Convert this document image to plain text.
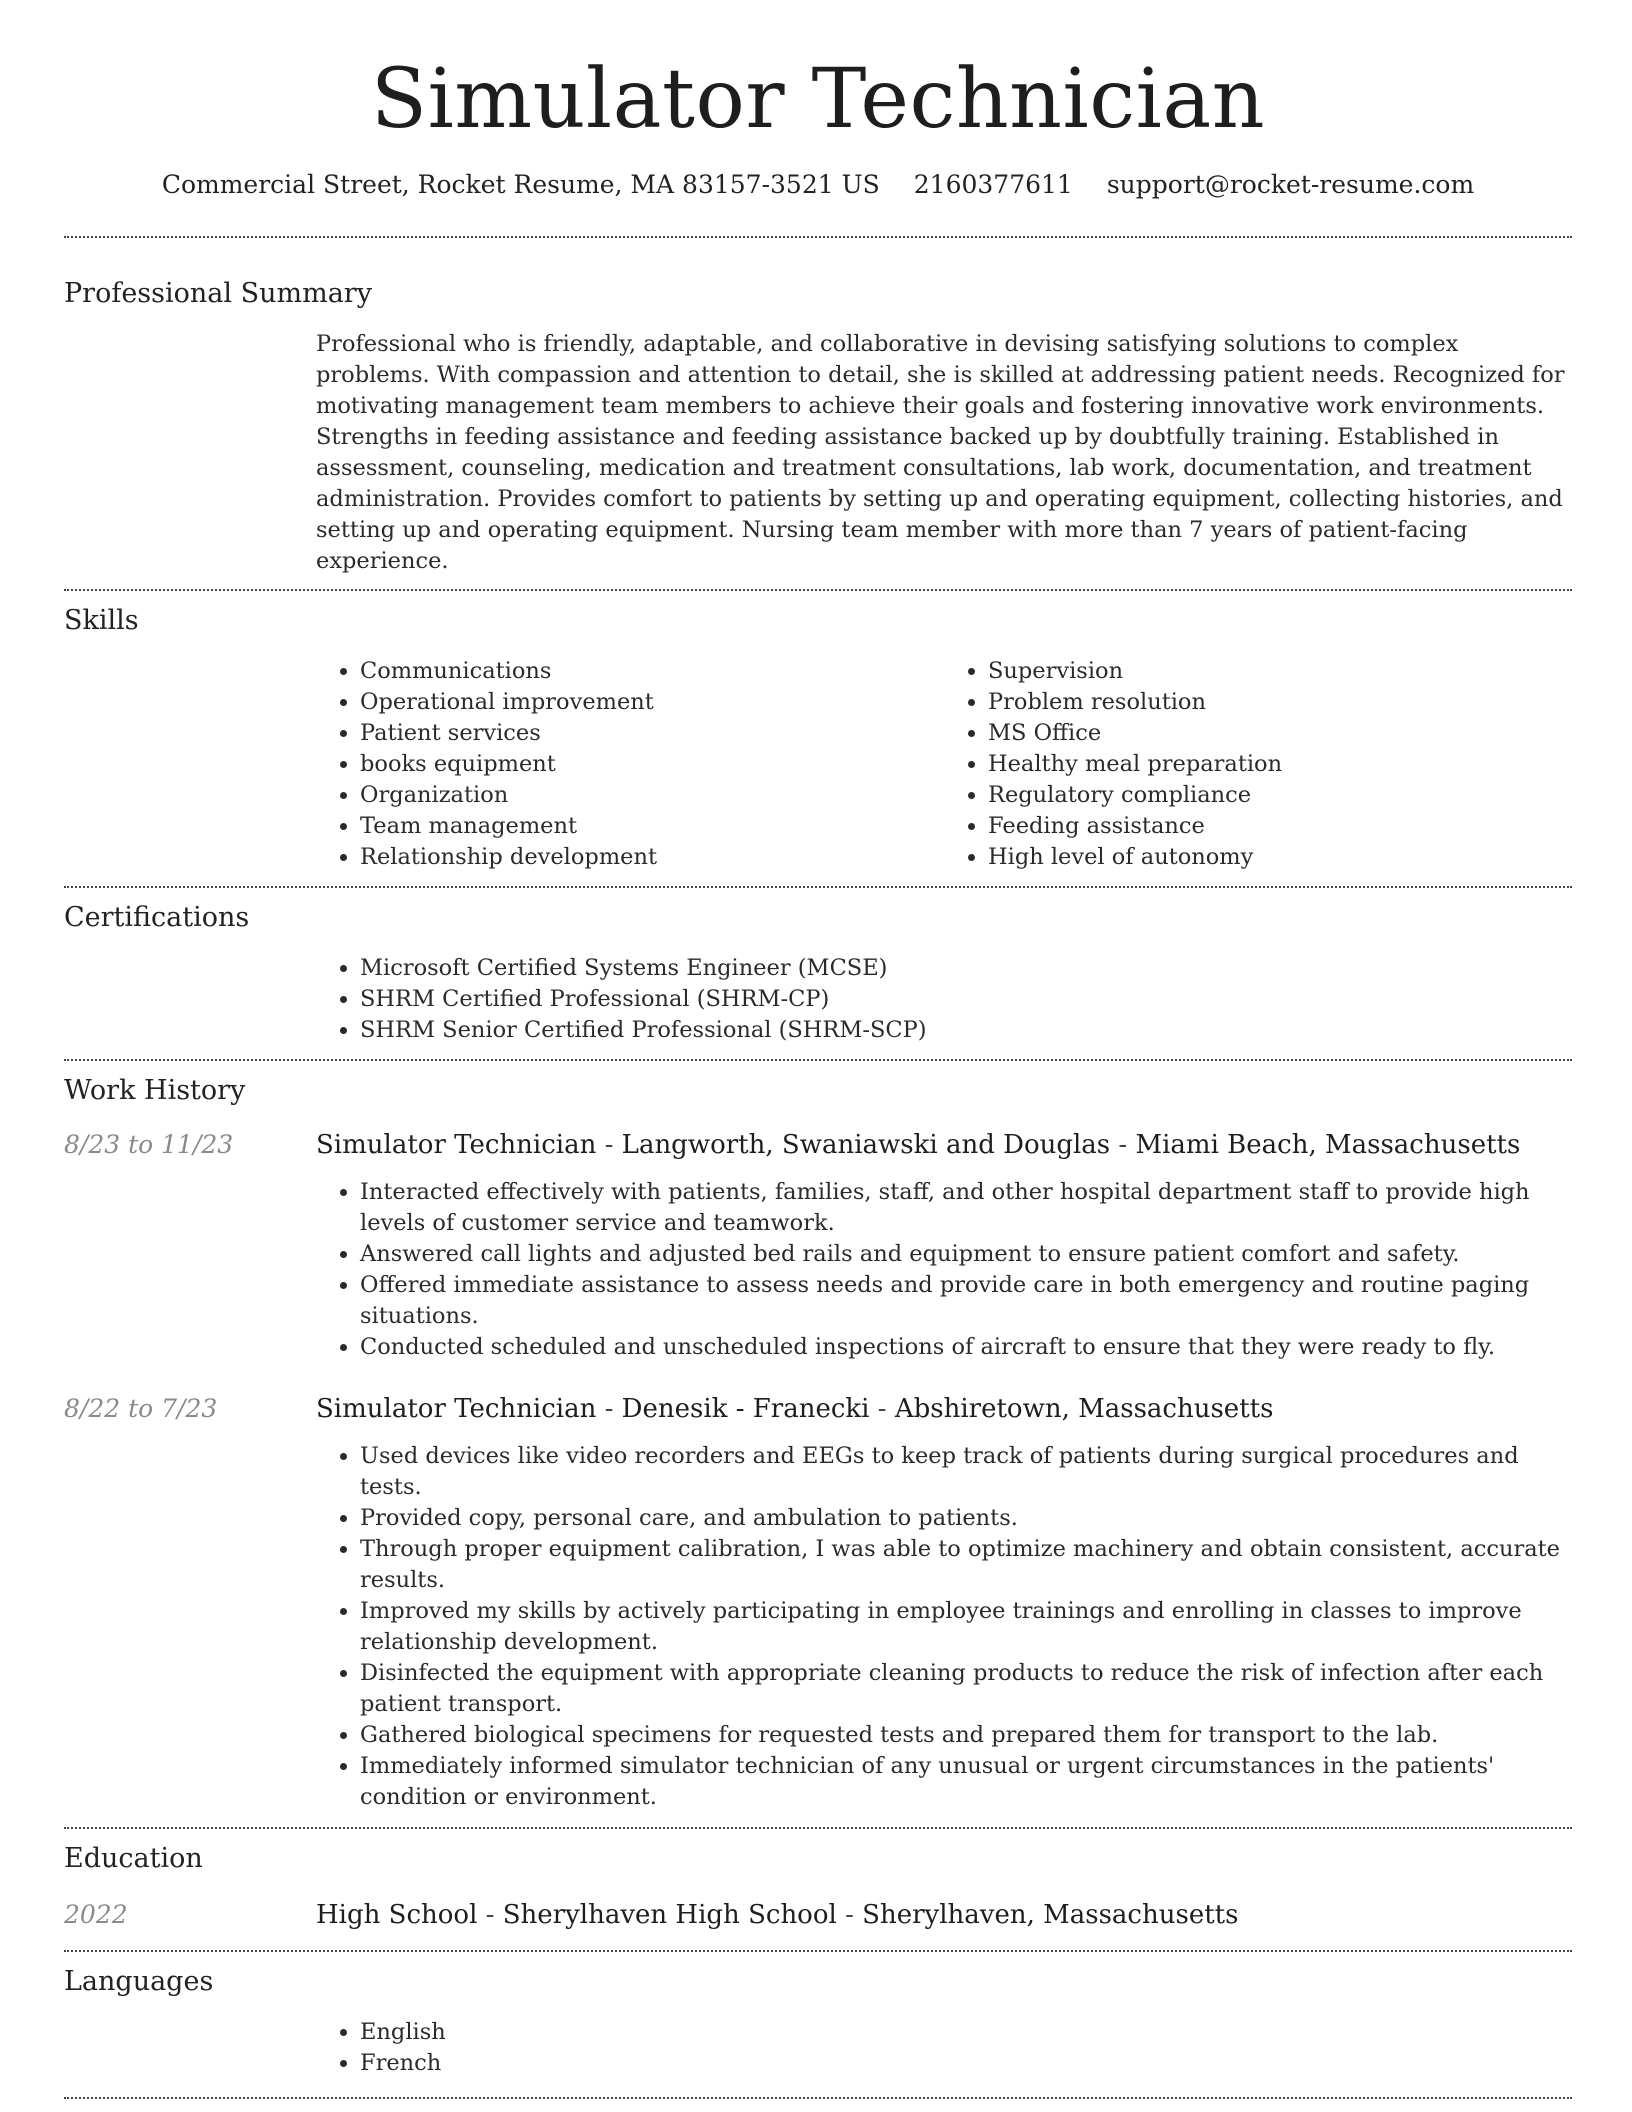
Simulator Technician
Commercial Street, Rocket Resume, MA 83157-3521 US 2160377611 support@rocket-resume.com
Professional Summary

Professional who is friendly, adaptable, and collaborative in devising satisfying solutions to complex problems. With compassion and attention to detail, she is skilled at addressing patient needs. Recognized for motivating management team members to achieve their goals and fostering innovative work environments. Strengths in feeding assistance and feeding assistance backed up by doubtfully training. Established in assessment, counseling, medication and treatment consultations, lab work, documentation, and treatment administration. Provides comfort to patients by setting up and operating equipment, collecting histories, and setting up and operating equipment. Nursing team member with more than 7 years of patient-facing experience.

Skills
• Communications
• Operational improvement
• Patient services
• books equipment
• Organization
• Team management
• Relationship development
• Supervision
• Problem resolution
• MS Office
• Healthy meal preparation
• Regulatory compliance
• Feeding assistance
• High level of autonomy
Certifications
• Microsoft Certified Systems Engineer (MCSE)
• SHRM Certified Professional (SHRM-CP)
• SHRM Senior Certified Professional (SHRM-SCP)
Work History
8/23 to 11/23	Simulator Technician - Langworth, Swaniawski and Douglas - Miami Beach, Massachusetts
• Interacted effectively with patients, families, staff, and other hospital department staff to provide high levels of customer service and teamwork.
• Answered call lights and adjusted bed rails and equipment to ensure patient comfort and safety.
• Offered immediate assistance to assess needs and provide care in both emergency and routine paging situations.
• Conducted scheduled and unscheduled inspections of aircraft to ensure that they were ready to fly.
8/22 to 7/23	Simulator Technician - Denesik - Franecki - Abshiretown, Massachusetts
• Used devices like video recorders and EEGs to keep track of patients during surgical procedures and tests.
• Provided copy, personal care, and ambulation to patients.
• Through proper equipment calibration, I was able to optimize machinery and obtain consistent, accurate results.
• Improved my skills by actively participating in employee trainings and enrolling in classes to improve relationship development.
• Disinfected the equipment with appropriate cleaning products to reduce the risk of infection after each patient transport.
• Gathered biological specimens for requested tests and prepared them for transport to the lab.
• Immediately informed simulator technician of any unusual or urgent circumstances in the patients' condition or environment.
Education
2022	High School - Sherylhaven High School - Sherylhaven, Massachusetts
Languages
• English
• French
